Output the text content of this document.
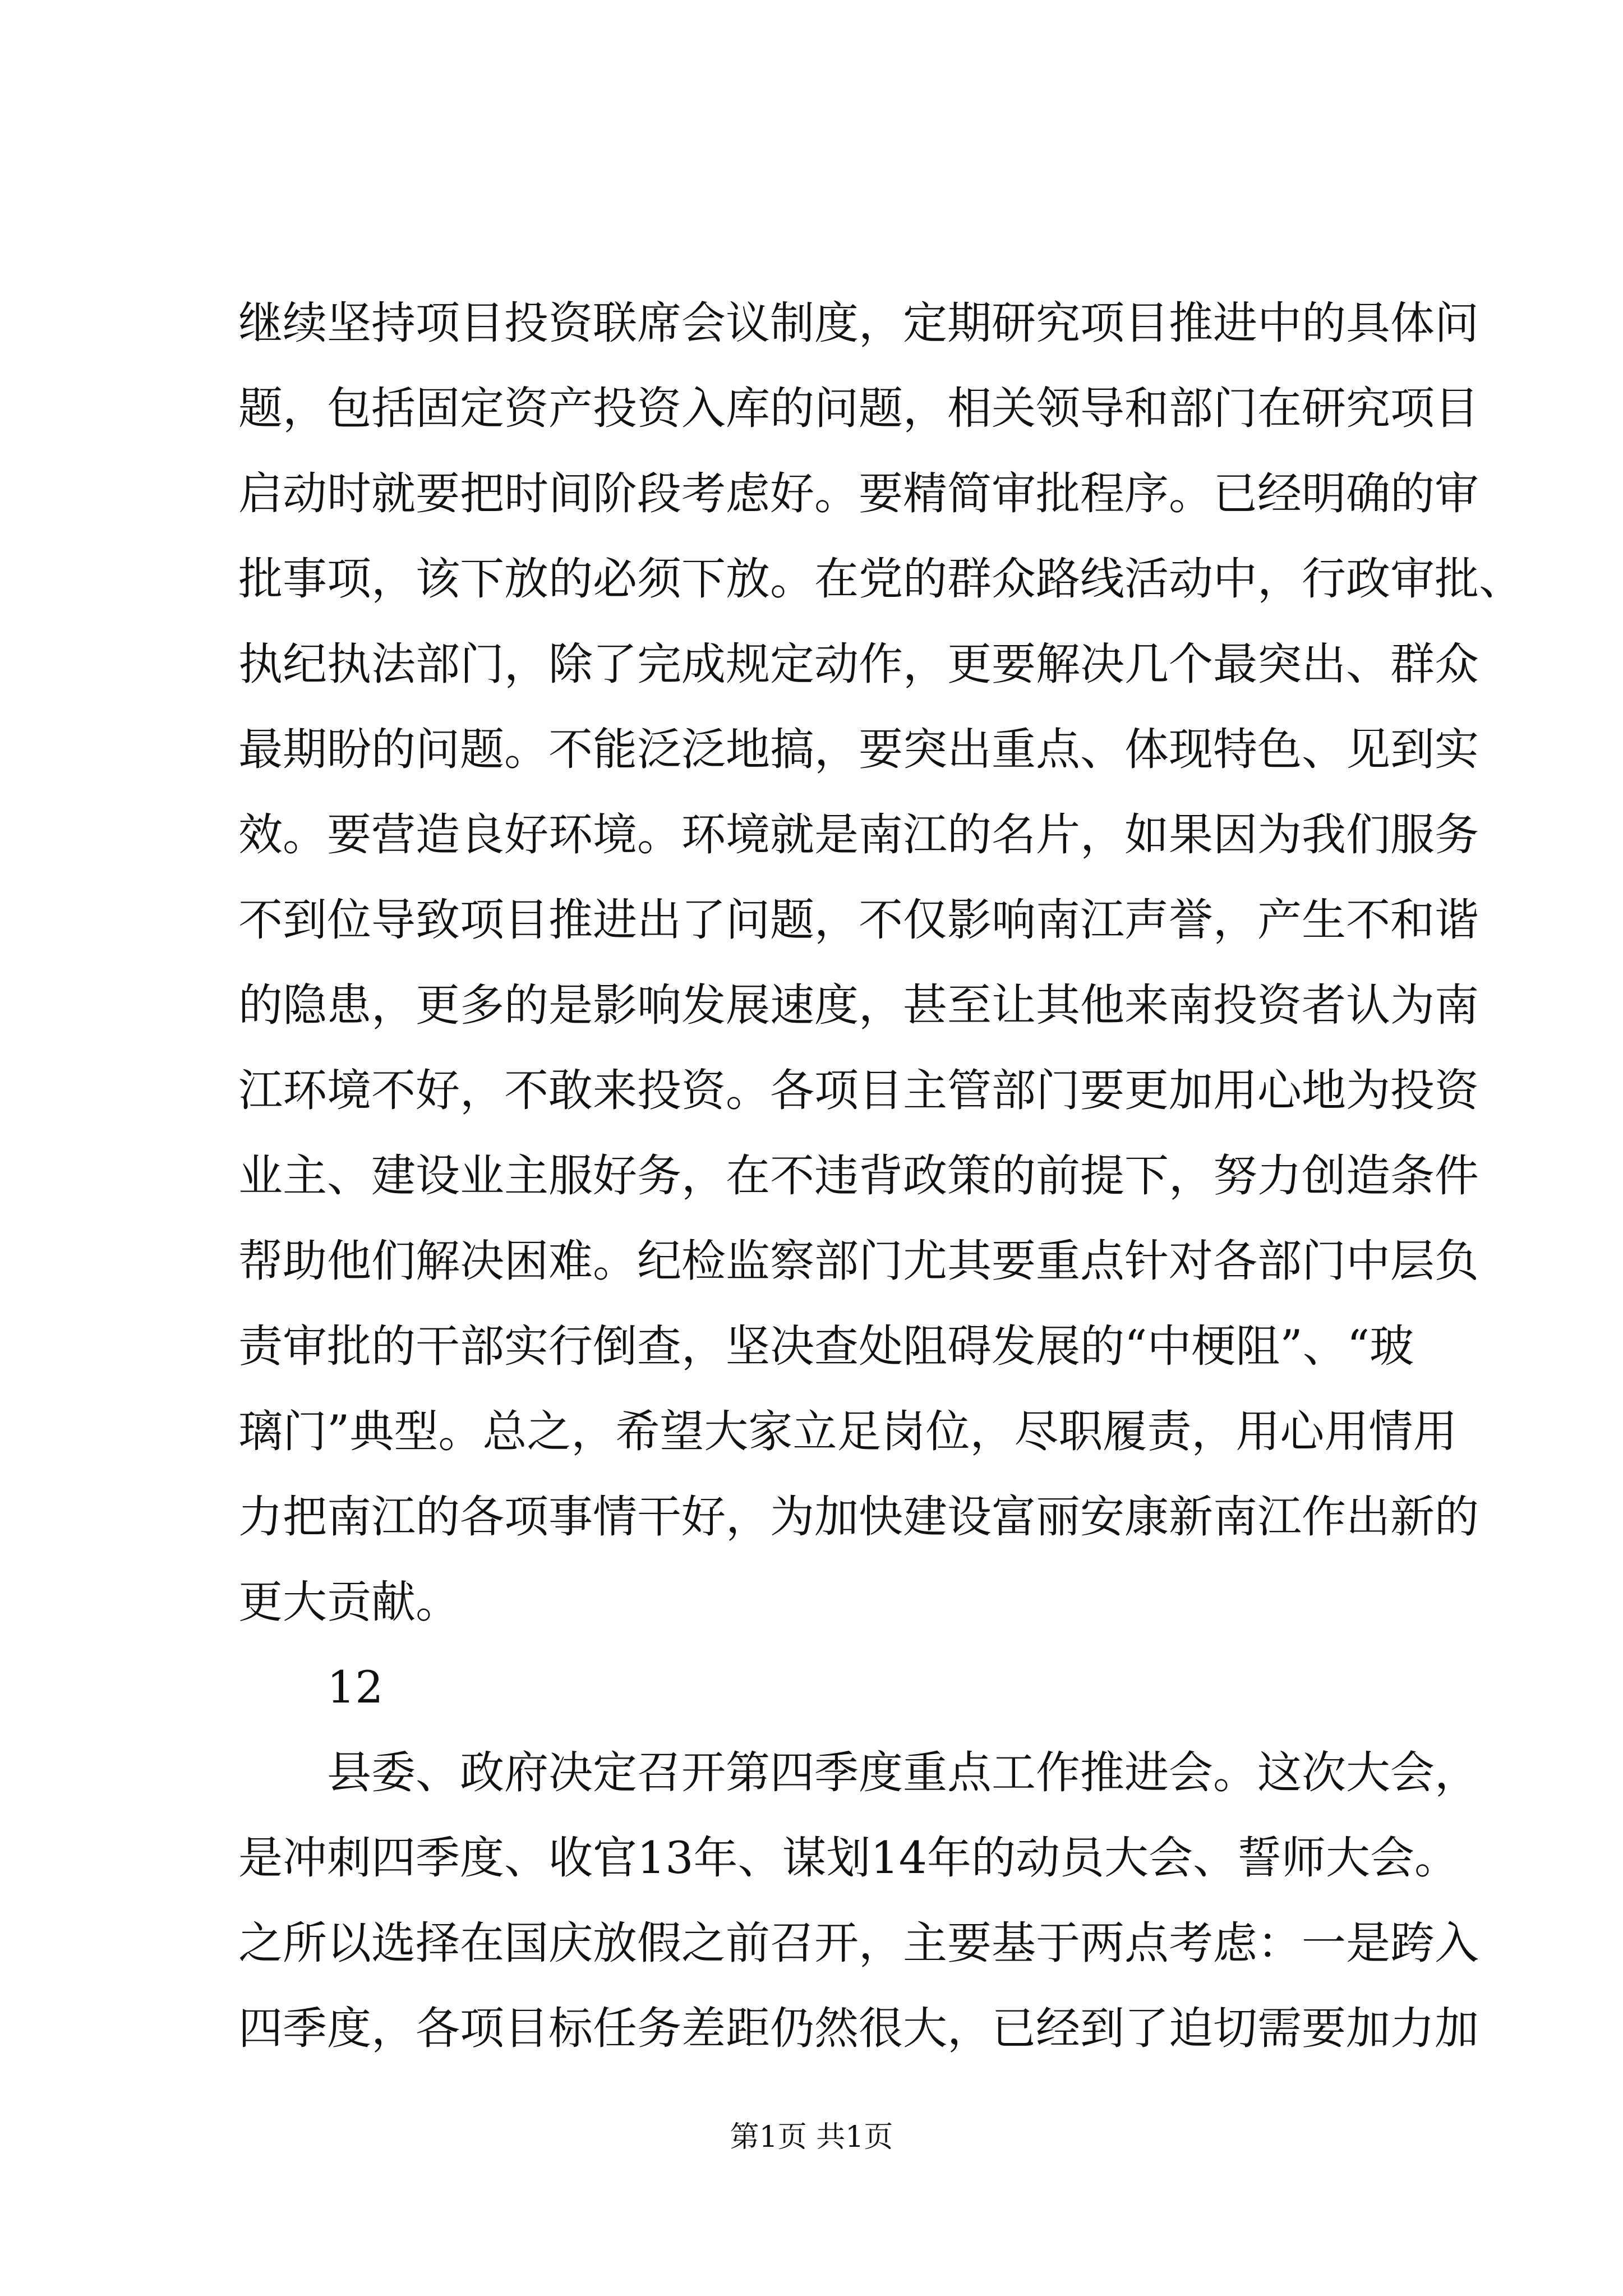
继续坚持项目投资联席会议制度，定期研究项目推进中的具体问
题，包括固定资产投资入库的问题，相关领导和部门在研究项目
启动时就要把时间阶段考虑好。要精简审批程序。已经明确的审
批事项，该下放的必须下放。在党的群众路线活动中，行政审批、
执纪执法部门，除了完成规定动作，更要解决几个最突出、群众
最期盼的问题。不能泛泛地搞，要突出重点、体现特色、见到实
效。要营造良好环境。环境就是南江的名片，如果因为我们服务
不到位导致项目推进出了问题，不仅影响南江声誉，产生不和谐
的隐患，更多的是影响发展速度，甚至让其他来南投资者认为南
江环境不好，不敢来投资。各项目主管部门要更加用心地为投资
业主、建设业主服好务，在不违背政策的前提下，努力创造条件
帮助他们解决困难。纪检监察部门尤其要重点针对各部门中层负
责审批的干部实行倒查，坚决查处阻碍发展的“中梗阻”、“玻
璃门”典型。总之，希望大家立足岗位，尽职履责，用心用情用
力把南江的各项事情干好，为加快建设富丽安康新南江作出新的
更大贡献。
12
县委、政府决定召开第四季度重点工作推进会。这次大会，
是冲刺四季度、收官13年、谋划14年的动员大会、誓师大会。
之所以选择在国庆放假之前召开，主要基于两点考虑：一是跨入
四季度，各项目标任务差距仍然很大，已经到了迫切需要加力加
第1页 共1页
